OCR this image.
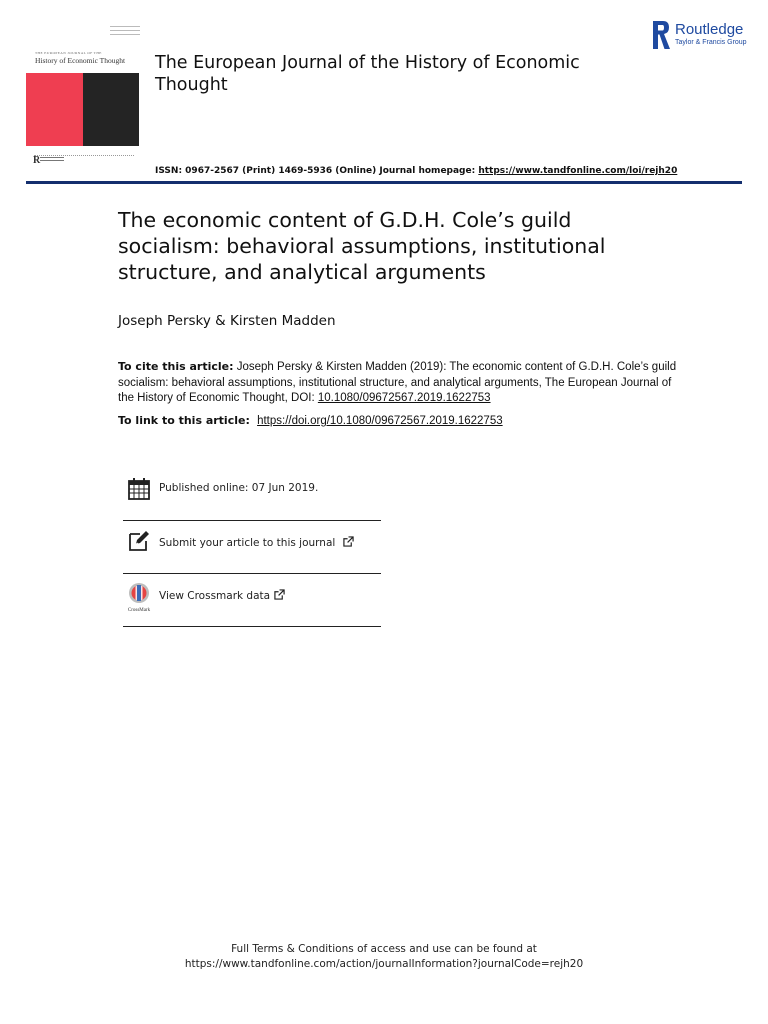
THE EUROPEAN JOURNAL OF THE
History of Economic Thought
R
The European Journal of the History of Economic Thought
Routledge
Taylor & Francis Group
ISSN: 0967-2567 (Print) 1469-5936 (Online) Journal homepage: https://www.tandfonline.com/loi/rejh20
The economic content of G.D.H. Cole’s guild socialism: behavioral assumptions, institutional structure, and analytical arguments
Joseph Persky & Kirsten Madden
To cite this article: Joseph Persky & Kirsten Madden (2019): The economic content of G.D.H. Cole’s guild socialism: behavioral assumptions, institutional structure, and analytical arguments, The European Journal of the History of Economic Thought, DOI: 10.1080/09672567.2019.1622753
To link to this article: https://doi.org/10.1080/09672567.2019.1622753
Published online: 07 Jun 2019.
Submit your article to this journal
CrossMark
View Crossmark data
Full Terms & Conditions of access and use can be found at
https://www.tandfonline.com/action/journalInformation?journalCode=rejh20
